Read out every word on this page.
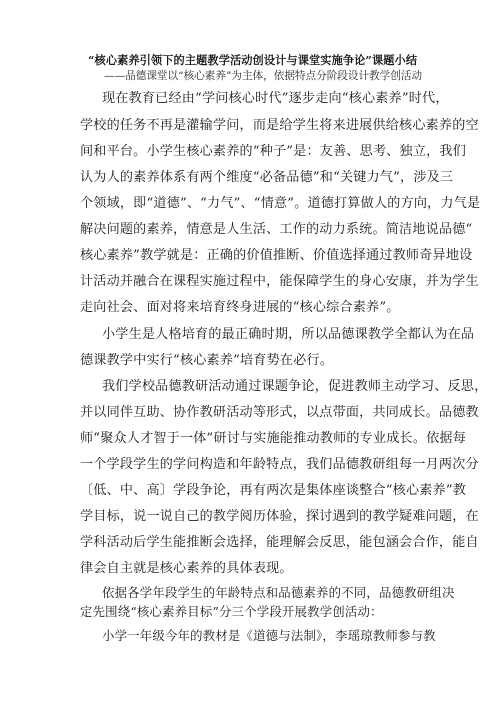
“核心素养引领下的主题教学活动创设计与课堂实施争论”课题小结
——品德课堂以“核心素养”为主体，依据特点分阶段设计教学创活动
现在教育已经由“学问核心时代”逐步走向“核心素养”时代，
学校的任务不再是灌输学问，而是给学生将来进展供给核心素养的空
间和平台。小学生核心素养的“种子”是：友善、思考、独立，我们
认为人的素养体系有两个维度“必备品德”和“关键力气”，涉及三
个领域，即“道德”、“力气”、“情意”。道德打算做人的方向，力气是
解决问题的素养，情意是人生活、工作的动力系统。简洁地说品德“
核心素养”教学就是：正确的价值推断、价值选择通过教师奇异地设
计活动并融合在课程实施过程中，能保障学生的身心安康，并为学生
走向社会、面对将来培育终身进展的“核心综合素养”。
小学生是人格培育的最正确时期，所以品德课教学全都认为在品
德课教学中实行“核心素养”培育势在必行。
我们学校品德教研活动通过课题争论，促进教师主动学习、反思，
并以同伴互助、协作教研活动等形式，以点带面，共同成长。品德教
师“聚众人才智于一体”研讨与实施能推动教师的专业成长。依据每
一个学段学生的学问构造和年龄特点，我们品德教研组每一月两次分
〔低、中、高〕学段争论，再有两次是集体座谈整合“核心素养”教
学目标，说一说自己的教学阅历体验，探讨遇到的教学疑难问题，在
学科活动后学生能推断会选择，能理解会反思，能包涵会合作，能自
律会自主就是核心素养的具体表现。
依据各学年段学生的年龄特点和品德素养的不同，品德教研组决
定先围绕“核心素养目标”分三个学段开展教学创活动：
小学一年级今年的教材是《道德与法制》，李瑶琼教师参与教
